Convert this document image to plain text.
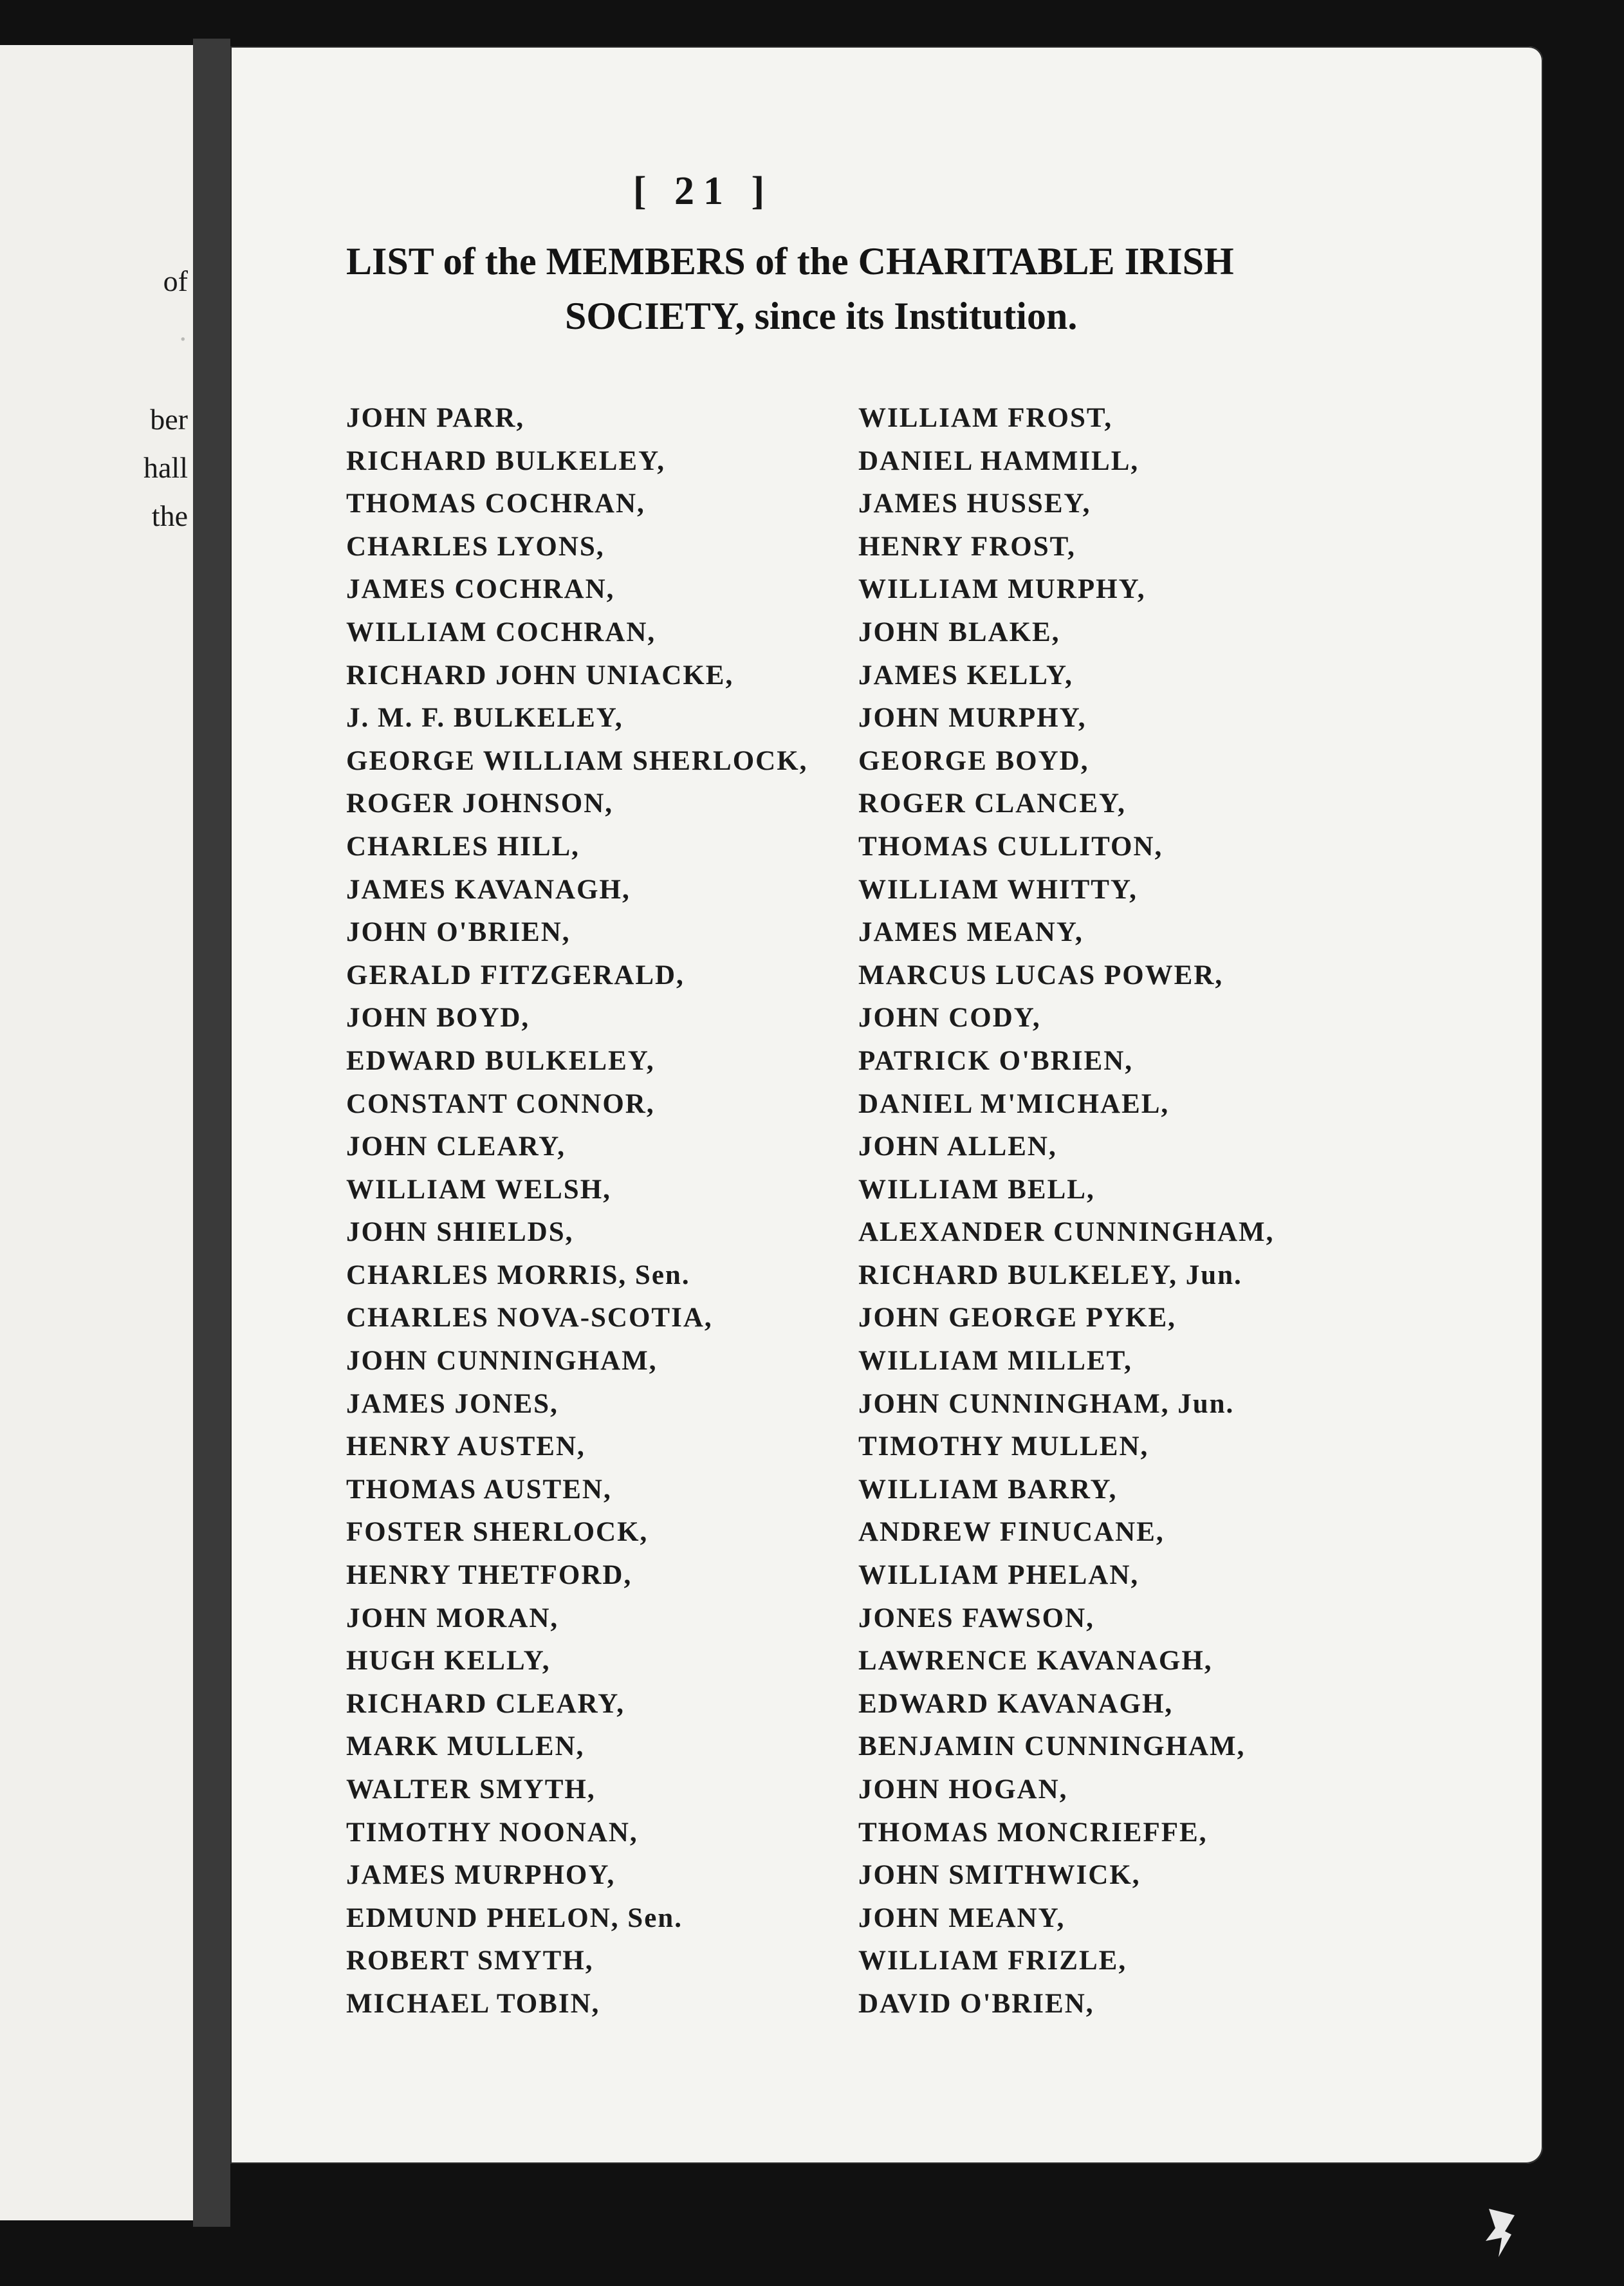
of
·
ber
hall
the
[ 21 ]
LIST of the MEMBERS of the CHARITABLE IRISH
SOCIETY, since its Institution.
JOHN PARR,
RICHARD BULKELEY,
THOMAS COCHRAN,
CHARLES LYONS,
JAMES COCHRAN,
WILLIAM COCHRAN,
RICHARD JOHN UNIACKE,
J. M. F. BULKELEY,
GEORGE WILLIAM SHERLOCK,
ROGER JOHNSON,
CHARLES HILL,
JAMES KAVANAGH,
JOHN O'BRIEN,
GERALD FITZGERALD,
JOHN BOYD,
EDWARD BULKELEY,
CONSTANT CONNOR,
JOHN CLEARY,
WILLIAM WELSH,
JOHN SHIELDS,
CHARLES MORRIS, Sen.
CHARLES NOVA-SCOTIA,
JOHN CUNNINGHAM,
JAMES JONES,
HENRY AUSTEN,
THOMAS AUSTEN,
FOSTER SHERLOCK,
HENRY THETFORD,
JOHN MORAN,
HUGH KELLY,
RICHARD CLEARY,
MARK MULLEN,
WALTER SMYTH,
TIMOTHY NOONAN,
JAMES MURPHOY,
EDMUND PHELON, Sen.
ROBERT SMYTH,
MICHAEL TOBIN,
WILLIAM FROST,
DANIEL HAMMILL,
JAMES HUSSEY,
HENRY FROST,
WILLIAM MURPHY,
JOHN BLAKE,
JAMES KELLY,
JOHN MURPHY,
GEORGE BOYD,
ROGER CLANCEY,
THOMAS CULLITON,
WILLIAM WHITTY,
JAMES MEANY,
MARCUS LUCAS POWER,
JOHN CODY,
PATRICK O'BRIEN,
DANIEL M'MICHAEL,
JOHN ALLEN,
WILLIAM BELL,
ALEXANDER CUNNINGHAM,
RICHARD BULKELEY, Jun.
JOHN GEORGE PYKE,
WILLIAM MILLET,
JOHN CUNNINGHAM, Jun.
TIMOTHY MULLEN,
WILLIAM BARRY,
ANDREW FINUCANE,
WILLIAM PHELAN,
JONES FAWSON,
LAWRENCE KAVANAGH,
EDWARD KAVANAGH,
BENJAMIN CUNNINGHAM,
JOHN HOGAN,
THOMAS MONCRIEFFE,
JOHN SMITHWICK,
JOHN MEANY,
WILLIAM FRIZLE,
DAVID O'BRIEN,
